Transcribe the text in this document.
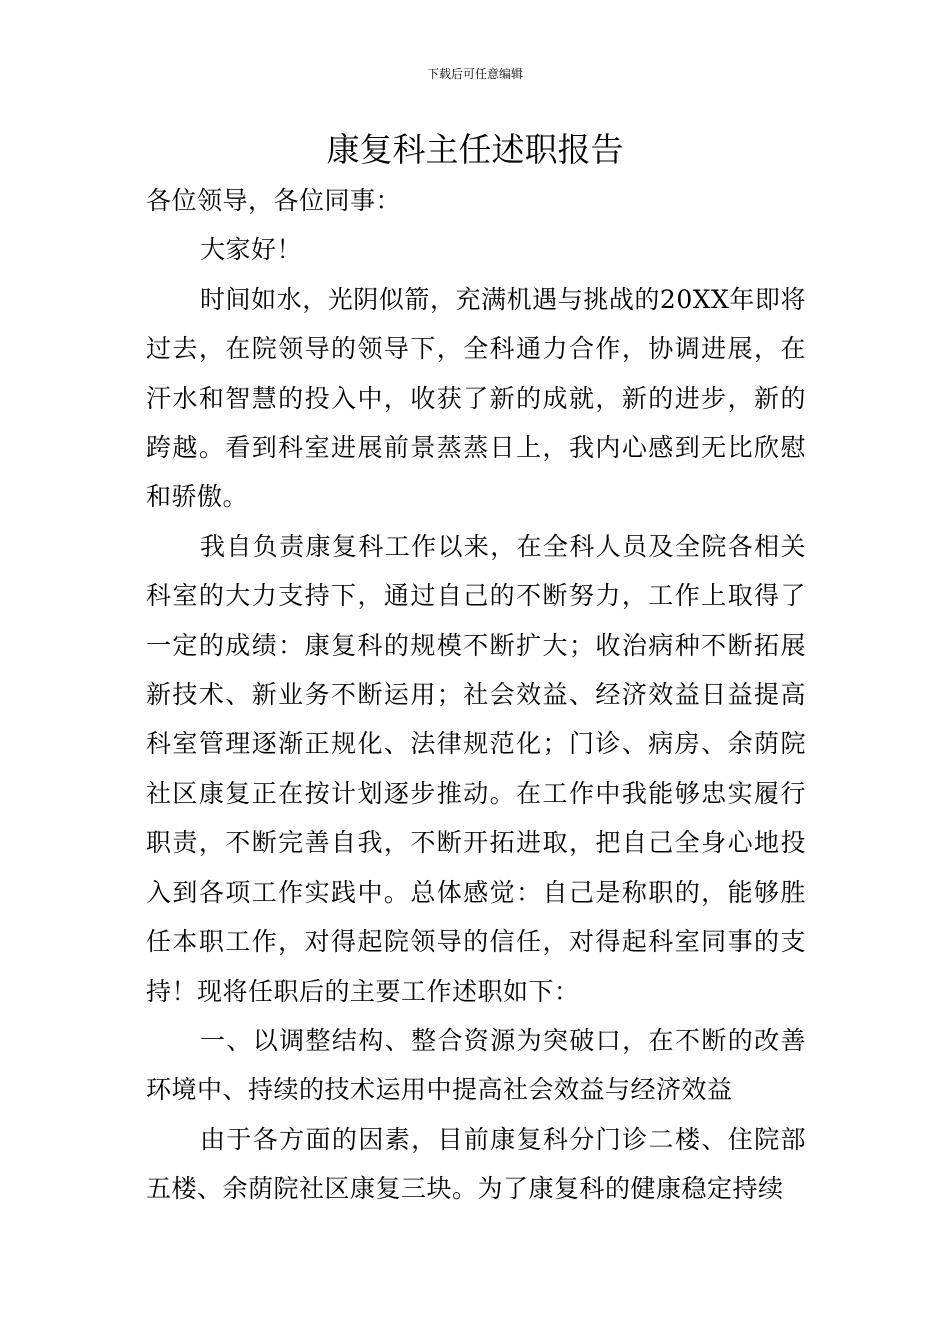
下载后可任意编辑
康复科主任述职报告

各位领导，各位同事：

大家好！

时间如水，光阴似箭，充满机遇与挑战的20XX年即将过去，在院领导的领导下，全科通力合作，协调进展，在汗水和智慧的投入中，收获了新的成就，新的进步，新的跨越。看到科室进展前景蒸蒸日上，我内心感到无比欣慰和骄傲。

我自负责康复科工作以来，在全科人员及全院各相关科室的大力支持下，通过自己的不断努力，工作上取得了一定的成绩：康复科的规模不断扩大；收治病种不断拓展新技术、新业务不断运用；社会效益、经济效益日益提高科室管理逐渐正规化、法律规范化；门诊、病房、余荫院社区康复正在按计划逐步推动。在工作中我能够忠实履行职责，不断完善自我，不断开拓进取，把自己全身心地投入到各项工作实践中。总体感觉：自己是称职的，能够胜任本职工作，对得起院领导的信任，对得起科室同事的支持！现将任职后的主要工作述职如下：

一、以调整结构、整合资源为突破口，在不断的改善环境中、持续的技术运用中提高社会效益与经济效益

由于各方面的因素，目前康复科分门诊二楼、住院部五楼、余荫院社区康复三块。为了康复科的健康稳定持续
